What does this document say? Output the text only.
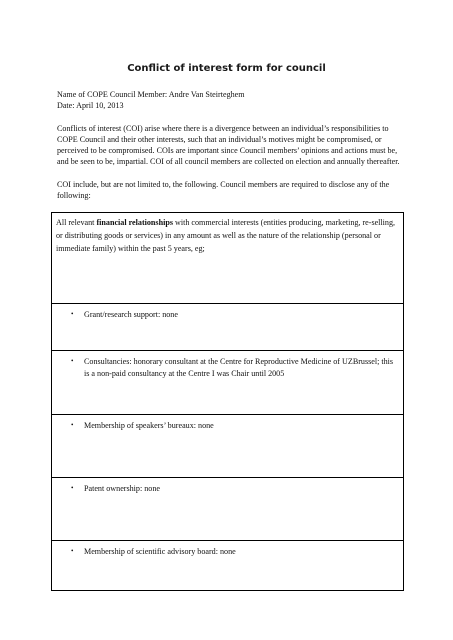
Conflict of interest form for council
Name of COPE Council Member: Andre Van Steirteghem
Date: April 10, 2013
Conflicts of interest (COI) arise where there is a divergence between an individual’s responsibilities to COPE Council and their other interests, such that an individual’s motives might be compromised, or perceived to be compromised. COIs are important since Council members’ opinions and actions must be, and be seen to be, impartial. COI of all council members are collected on election and annually thereafter.
COI include, but are not limited to, the following. Council members are required to disclose any of the following:
All relevant financial relationships with commercial interests (entities producing, marketing, re-selling, or distributing goods or services) in any amount as well as the nature of the relationship (personal or immediate family) within the past 5 years, eg;

•	Grant/research support: none

•	Consultancies: honorary consultant at the Centre for Reproductive Medicine of UZBrussel; this is a non-paid consultancy at the Centre I was Chair until 2005

•	Membership of speakers’ bureaux: none

•	Patent ownership: none

•	Membership of scientific advisory board: none
